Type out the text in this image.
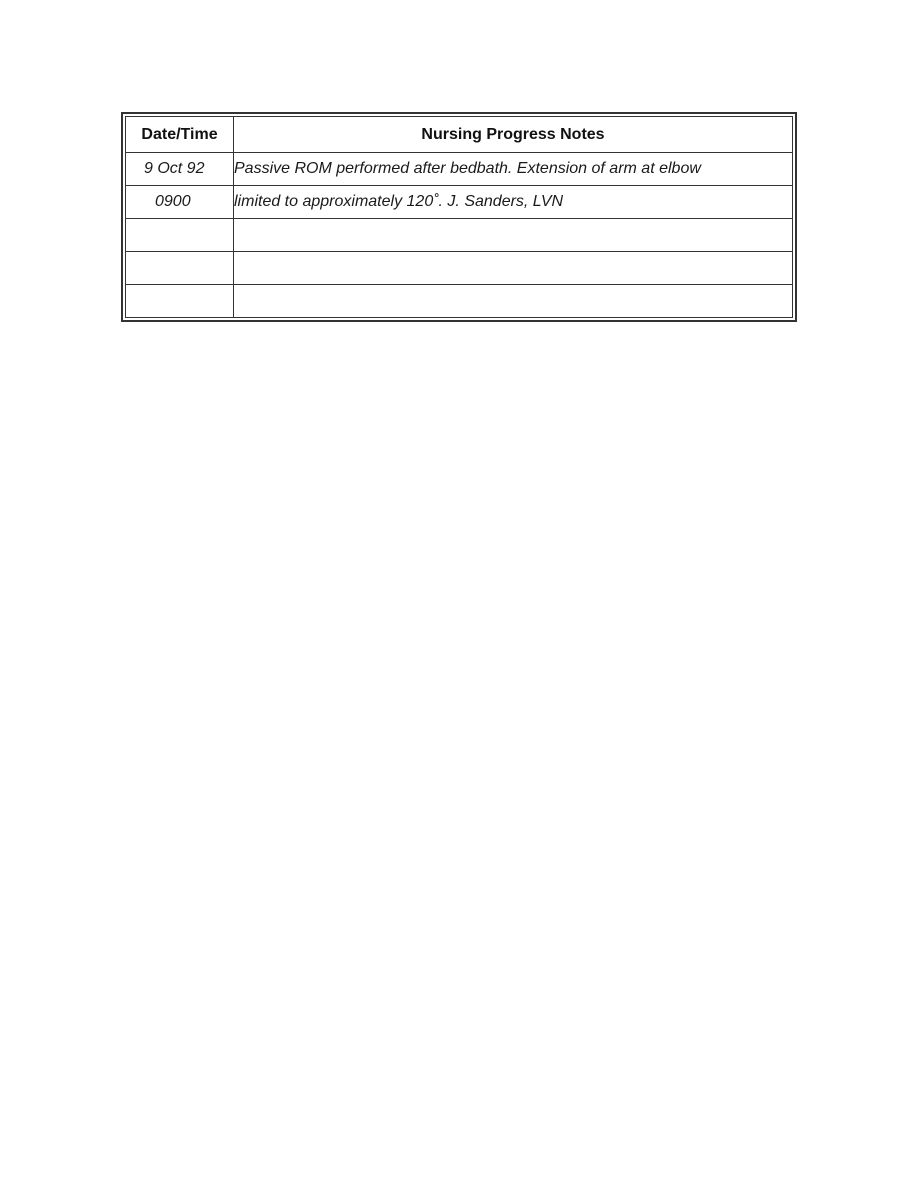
Date/Time	Nursing Progress Notes
9 Oct 92	Passive ROM performed after bedbath. Extension of arm at elbow
0900	limited to approximately 120˚. J. Sanders, LVN
